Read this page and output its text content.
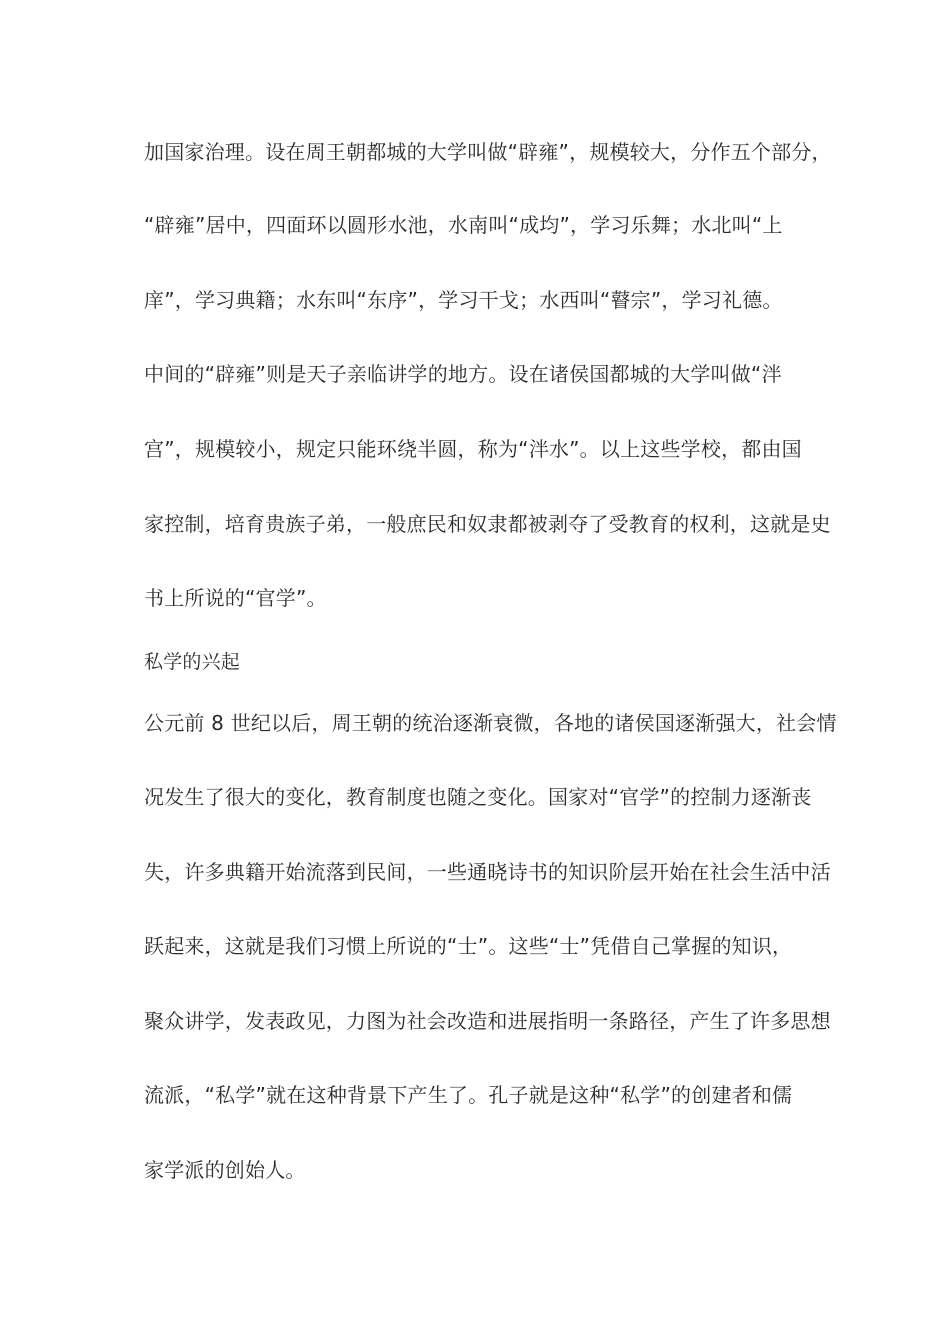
加国家治理。设在周王朝都城的大学叫做“辟雍”，规模较大，分作五个部分，
“辟雍”居中，四面环以圆形水池，水南叫“成均”，学习乐舞；水北叫“上
庠”，学习典籍；水东叫“东序”，学习干戈；水西叫“瞽宗”，学习礼德。
中间的“辟雍”则是天子亲临讲学的地方。设在诸侯国都城的大学叫做“泮
宫”，规模较小，规定只能环绕半圆，称为“泮水”。以上这些学校，都由国
家控制，培育贵族子弟，一般庶民和奴隶都被剥夺了受教育的权利，这就是史
书上所说的“官学”。
私学的兴起
公元前 8 世纪以后，周王朝的统治逐渐衰微，各地的诸侯国逐渐强大，社会情
况发生了很大的变化，教育制度也随之变化。国家对“官学”的控制力逐渐丧
失，许多典籍开始流落到民间，一些通晓诗书的知识阶层开始在社会生活中活
跃起来，这就是我们习惯上所说的“士”。这些“士”凭借自己掌握的知识，
聚众讲学，发表政见，力图为社会改造和进展指明一条路径，产生了许多思想
流派，“私学”就在这种背景下产生了。孔子就是这种“私学”的创建者和儒
家学派的创始人。
